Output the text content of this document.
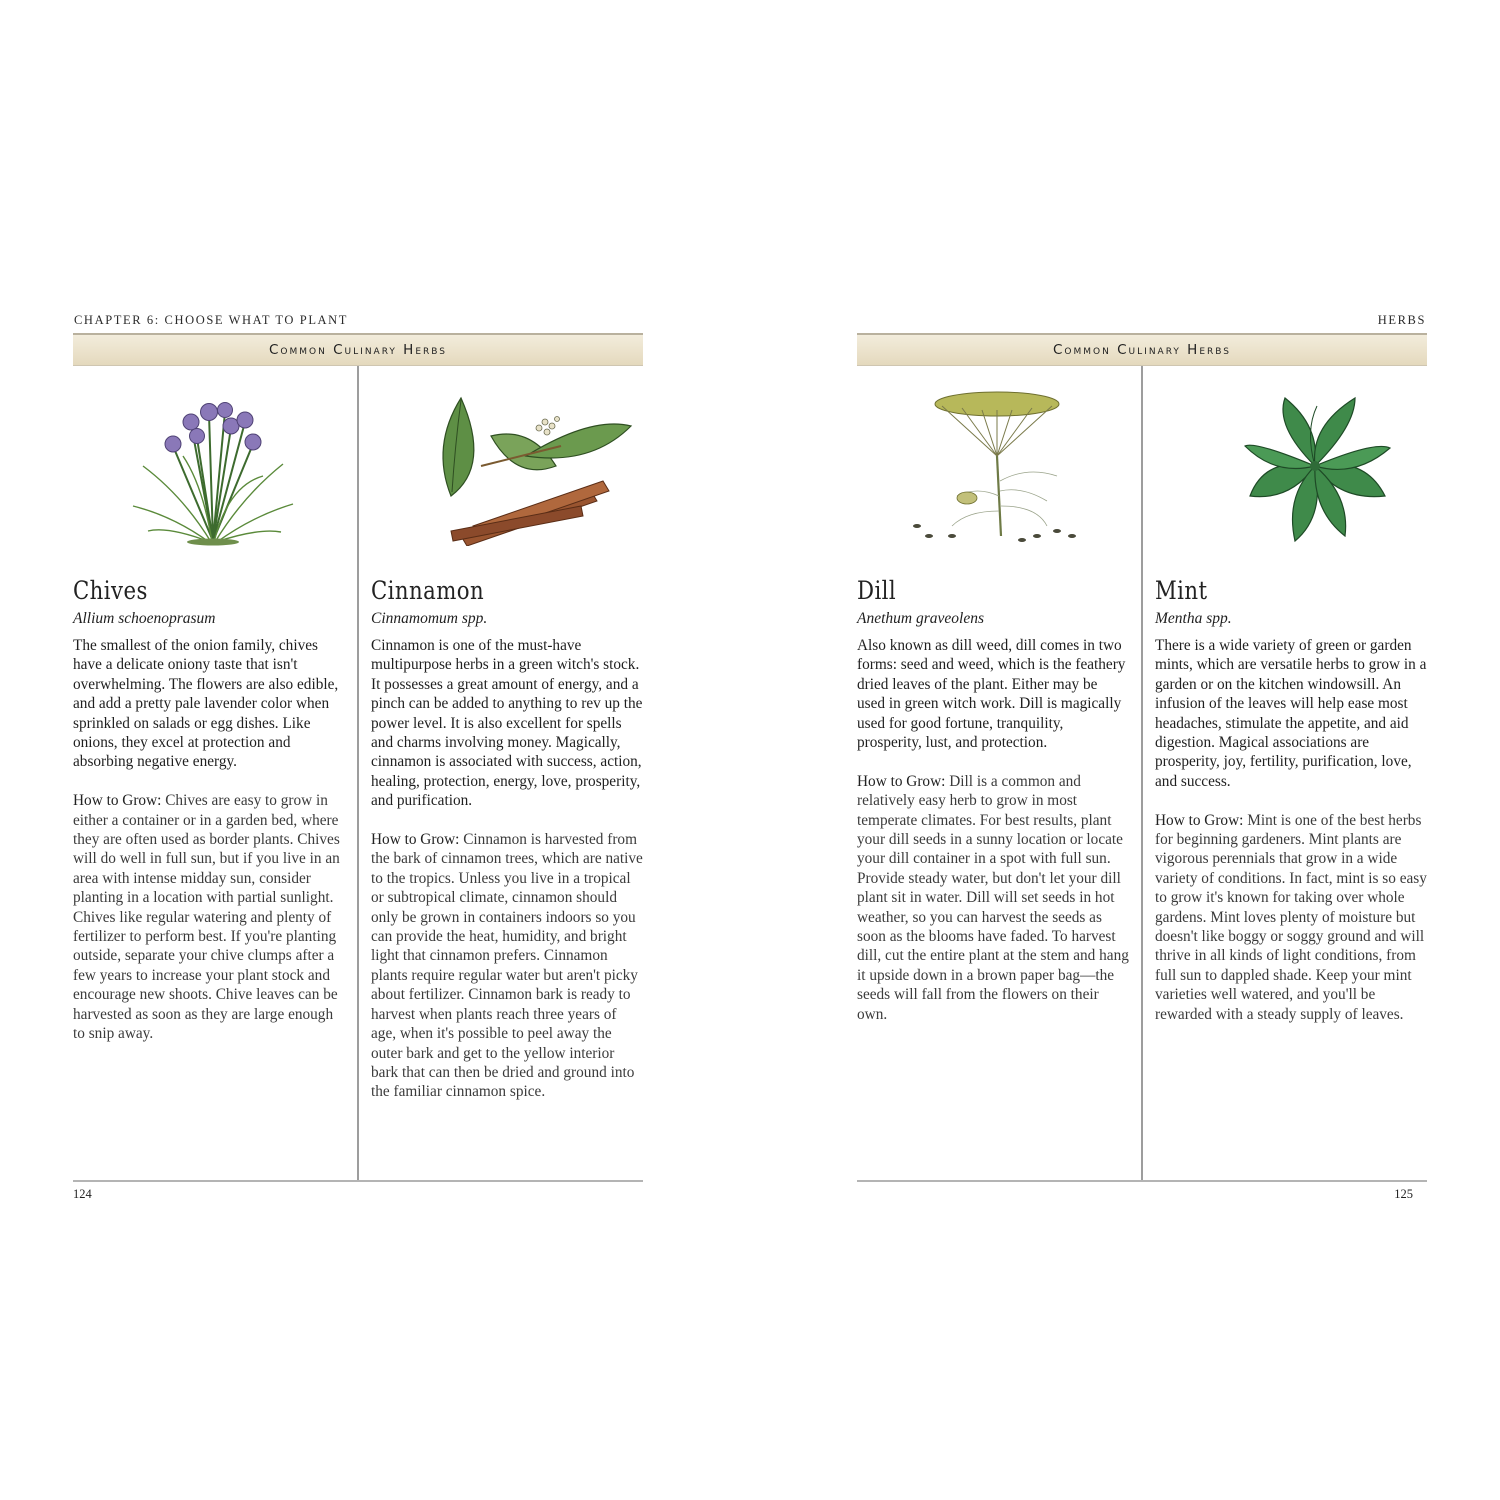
CHAPTER 6: CHOOSE WHAT TO PLANT
Common Culinary Herbs
Chives
Allium schoenoprasum

The smallest of the onion family, chives have a delicate oniony taste that isn't overwhelming. The flowers are also edible, and add a pretty pale lavender color when sprinkled on salads or egg dishes. Like onions, they excel at protection and absorbing negative energy.

How to Grow: Chives are easy to grow in either a container or in a garden bed, where they are often used as border plants. Chives will do well in full sun, but if you live in an area with intense midday sun, consider planting in a location with partial sunlight. Chives like regular watering and plenty of fertilizer to perform best. If you're planting outside, separate your chive clumps after a few years to increase your plant stock and encourage new shoots. Chive leaves can be harvested as soon as they are large enough to snip away.

Cinnamon
Cinnamomum spp.

Cinnamon is one of the must-have multipurpose herbs in a green witch's stock. It possesses a great amount of energy, and a pinch can be added to anything to rev up the power level. It is also excellent for spells and charms involving money. Magically, cinnamon is associated with success, action, healing, protection, energy, love, prosperity, and purification.

How to Grow: Cinnamon is harvested from the bark of cinnamon trees, which are native to the tropics. Unless you live in a tropical or subtropical climate, cinnamon should only be grown in containers indoors so you can provide the heat, humidity, and bright light that cinnamon prefers. Cinnamon plants require regular water but aren't picky about fertilizer. Cinnamon bark is ready to harvest when plants reach three years of age, when it's possible to peel away the outer bark and get to the yellow interior bark that can then be dried and ground into the familiar cinnamon spice.

124
HERBS
Common Culinary Herbs
Dill
Anethum graveolens

Also known as dill weed, dill comes in two forms: seed and weed, which is the feathery dried leaves of the plant. Either may be used in green witch work. Dill is magically used for good fortune, tranquility, prosperity, lust, and protection.

How to Grow: Dill is a common and relatively easy herb to grow in most temperate climates. For best results, plant your dill seeds in a sunny location or locate your dill container in a spot with full sun. Provide steady water, but don't let your dill plant sit in water. Dill will set seeds in hot weather, so you can harvest the seeds as soon as the blooms have faded. To harvest dill, cut the entire plant at the stem and hang it upside down in a brown paper bag—the seeds will fall from the flowers on their own.

Mint
Mentha spp.

There is a wide variety of green or garden mints, which are versatile herbs to grow in a garden or on the kitchen windowsill. An infusion of the leaves will help ease most headaches, stimulate the appetite, and aid digestion. Magical associations are prosperity, joy, fertility, purification, love, and success.

How to Grow: Mint is one of the best herbs for beginning gardeners. Mint plants are vigorous perennials that grow in a wide variety of conditions. In fact, mint is so easy to grow it's known for taking over whole gardens. Mint loves plenty of moisture but doesn't like boggy or soggy ground and will thrive in all kinds of light conditions, from full sun to dappled shade. Keep your mint varieties well watered, and you'll be rewarded with a steady supply of leaves.

125
